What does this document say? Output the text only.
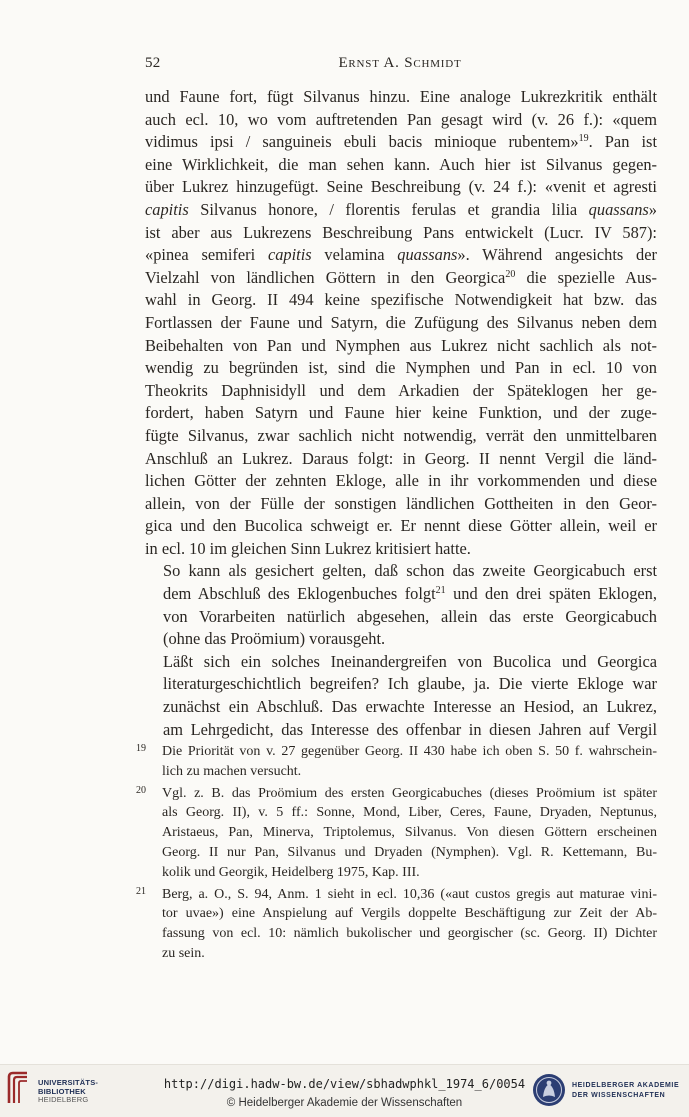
52	Ernst A. Schmidt

und Faune fort, fügt Silvanus hinzu. Eine analoge Lukrezkritik enthält
auch ecl. 10, wo vom auftretenden Pan gesagt wird (v. 26 f.): «quem
vidimus ipsi / sanguineis ebuli bacis minioque rubentem»$^{19}$. Pan ist
eine Wirklichkeit, die man sehen kann. Auch hier ist Silvanus gegen-
über Lukrez hinzugefügt. Seine Beschreibung (v. 24 f.): «venit et agresti
capitis Silvanus honore, / florentis ferulas et grandia lilia quassans»
ist aber aus Lukrezens Beschreibung Pans entwickelt (Lucr. IV 587):
«pinea semiferi capitis velamina quassans». Während angesichts der
Vielzahl von ländlichen Göttern in den Georgica$^{20}$ die spezielle Aus-
wahl in Georg. II 494 keine spezifische Notwendigkeit hat bzw. das
Fortlassen der Faune und Satyrn, die Zufügung des Silvanus neben dem
Beibehalten von Pan und Nymphen aus Lukrez nicht sachlich als not-
wendig zu begründen ist, sind die Nymphen und Pan in ecl. 10 von
Theokrits Daphnisidyll und dem Arkadien der Späteklogen her ge-
fordert, haben Satyrn und Faune hier keine Funktion, und der zuge-
fügte Silvanus, zwar sachlich nicht notwendig, verrät den unmittelbaren
Anschluß an Lukrez. Daraus folgt: in Georg. II nennt Vergil die länd-
lichen Götter der zehnten Ekloge, alle in ihr vorkommenden und diese
allein, von der Fülle der sonstigen ländlichen Gottheiten in den Geor-
gica und den Bucolica schweigt er. Er nennt diese Götter allein, weil er
in ecl. 10 im gleichen Sinn Lukrez kritisiert hatte.

So kann als gesichert gelten, daß schon das zweite Georgicabuch erst
dem Abschluß des Eklogenbuches folgt$^{21}$ und den drei späten Eklogen,
von Vorarbeiten natürlich abgesehen, allein das erste Georgicabuch
(ohne das Proömium) vorausgeht.

Läßt sich ein solches Ineinandergreifen von Bucolica und Georgica
literaturgeschichtlich begreifen? Ich glaube, ja. Die vierte Ekloge war
zunächst ein Abschluß. Das erwachte Interesse an Hesiod, an Lukrez,
am Lehrgedicht, das Interesse des offenbar in diesen Jahren auf Vergil

19 Die Priorität von v. 27 gegenüber Georg. II 430 habe ich oben S. 50 f. wahrschein-
lich zu machen versucht.
20 Vgl. z. B. das Proömium des ersten Georgicabuches (dieses Proömium ist später
als Georg. II), v. 5 ff.: Sonne, Mond, Liber, Ceres, Faune, Dryaden, Neptunus,
Aristaeus, Pan, Minerva, Triptolemus, Silvanus. Von diesen Göttern erscheinen
Georg. II nur Pan, Silvanus und Dryaden (Nymphen). Vgl. R. Kettemann, Bu-
kolik und Georgik, Heidelberg 1975, Kap. III.
21 Berg, a. O., S. 94, Anm. 1 sieht in ecl. 10,36 («aut custos gregis aut maturae vini-
tor uvae») eine Anspielung auf Vergils doppelte Beschäftigung zur Zeit der Ab-
fassung von ecl. 10: nämlich bukolischer und georgischer (sc. Georg. II) Dichter
zu sein.
UNIVERSITÄTS-
BIBLIOTHEK
HEIDELBERG
http://digi.hadw-bw.de/view/sbhadwphkl_1974_6/0054
© Heidelberger Akademie der Wissenschaften
HEIDELBERGER AKADEMIE
DER WISSENSCHAFTEN
